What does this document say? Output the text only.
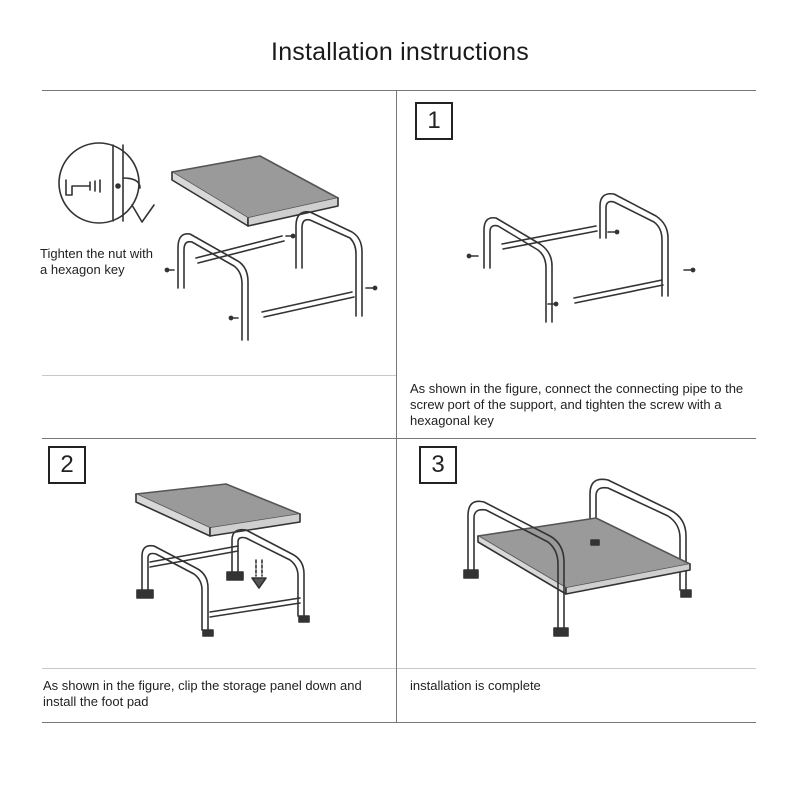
Installation instructions
Tighten the nut with a hexagon key
1
As shown in the figure, connect the connecting pipe to the screw port of the support, and tighten the screw with a hexagonal key
2
As shown in the figure, clip the storage panel down and install the foot pad
3
installation is complete
